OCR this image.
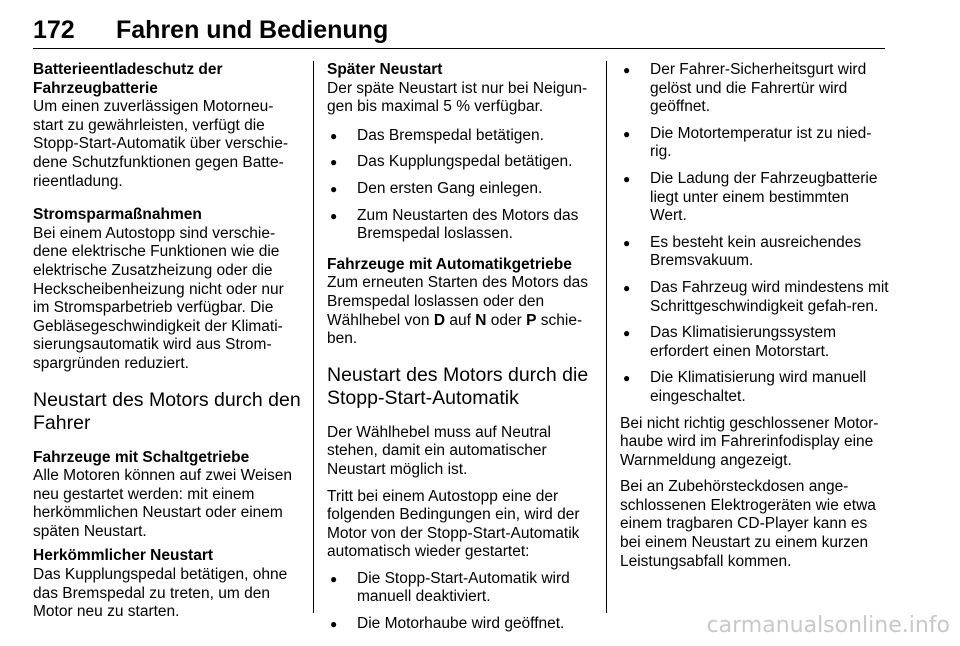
172 Fahren und Bedienung

Batterieentladeschutz der Fahrzeugbatterie
Um einen zuverlässigen Motorneu-start zu gewährleisten, verfügt die Stopp-Start-Automatik über verschie-dene Schutzfunktionen gegen Batte-rieentladung.

Stromsparmaßnahmen
Bei einem Autostopp sind verschie-dene elektrische Funktionen wie die elektrische Zusatzheizung oder die Heckscheibenheizung nicht oder nur im Stromsparbetrieb verfügbar. Die Gebläsegeschwindigkeit der Klimati-sierungsautomatik wird aus Strom-spargründen reduziert.

Neustart des Motors durch den Fahrer

Fahrzeuge mit Schaltgetriebe
Alle Motoren können auf zwei Weisen neu gestartet werden: mit einem herkömmlichen Neustart oder einem späten Neustart.

Herkömmlicher Neustart
Das Kupplungspedal betätigen, ohne das Bremspedal zu treten, um den Motor neu zu starten.

Später Neustart
Der späte Neustart ist nur bei Neigun-gen bis maximal 5 % verfügbar.

● Das Bremspedal betätigen.
● Das Kupplungspedal betätigen.
● Den ersten Gang einlegen.
● Zum Neustarten des Motors das Bremspedal loslassen.

Fahrzeuge mit Automatikgetriebe
Zum erneuten Starten des Motors das Bremspedal loslassen oder den Wählhebel von D auf N oder P schie-ben.

Neustart des Motors durch die Stopp-Start-Automatik

Der Wählhebel muss auf Neutral stehen, damit ein automatischer Neustart möglich ist.

Tritt bei einem Autostopp eine der folgenden Bedingungen ein, wird der Motor von der Stopp-Start-Automatik automatisch wieder gestartet:

● Die Stopp-Start-Automatik wird manuell deaktiviert.
● Die Motorhaube wird geöffnet.
● Der Fahrer-Sicherheitsgurt wird gelöst und die Fahrertür wird geöffnet.
● Die Motortemperatur ist zu nied-rig.
● Die Ladung der Fahrzeugbatterie liegt unter einem bestimmten Wert.
● Es besteht kein ausreichendes Bremsvakuum.
● Das Fahrzeug wird mindestens mit Schrittgeschwindigkeit gefah-ren.
● Das Klimatisierungssystem erfordert einen Motorstart.
● Die Klimatisierung wird manuell eingeschaltet.

Bei nicht richtig geschlossener Motor-haube wird im Fahrerinfodisplay eine Warnmeldung angezeigt.

Bei an Zubehörsteckdosen ange-schlossenen Elektrogeräten wie etwa einem tragbaren CD-Player kann es bei einem Neustart zu einem kurzen Leistungsabfall kommen.

carmanualsonline.info
